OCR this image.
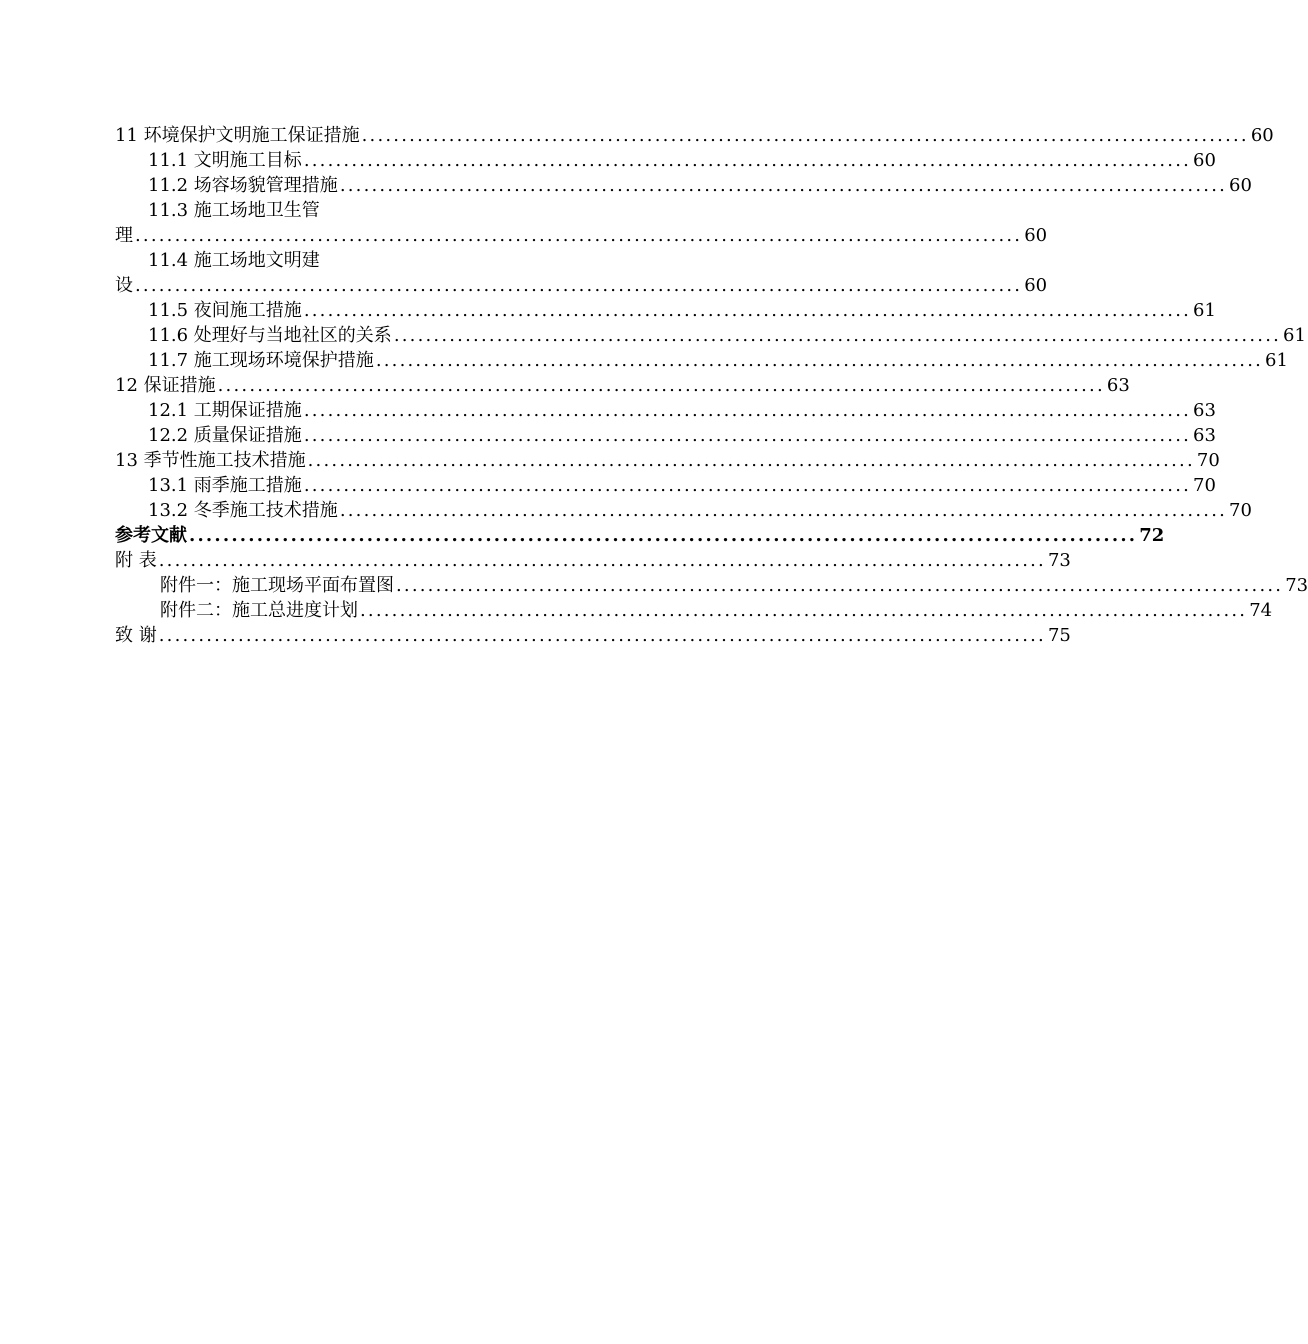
11 环境保护文明施工保证措施 ................................................................................................................ 60
11.1 文明施工目标 ................................................................................................................ 60
11.2 场容场貌管理措施 ................................................................................................................ 60
11.3 施工场地卫生管
理 ................................................................................................................ 60
11.4 施工场地文明建
设 ................................................................................................................ 60
11.5 夜间施工措施 ................................................................................................................ 61
11.6 处理好与当地社区的关系 ................................................................................................................ 61
11.7 施工现场环境保护措施 ................................................................................................................ 61
12 保证措施 ................................................................................................................ 63
12.1 工期保证措施 ................................................................................................................ 63
12.2 质量保证措施 ................................................................................................................ 63
13 季节性施工技术措施 ................................................................................................................ 70
13.1 雨季施工措施 ................................................................................................................ 70
13.2 冬季施工技术措施 ................................................................................................................ 70
参考文献 ................................................................................................................ 72
附 表 ................................................................................................................ 73
附件一：施工现场平面布置图 ................................................................................................................ 73
附件二：施工总进度计划 ................................................................................................................ 74
致 谢 ................................................................................................................ 75
